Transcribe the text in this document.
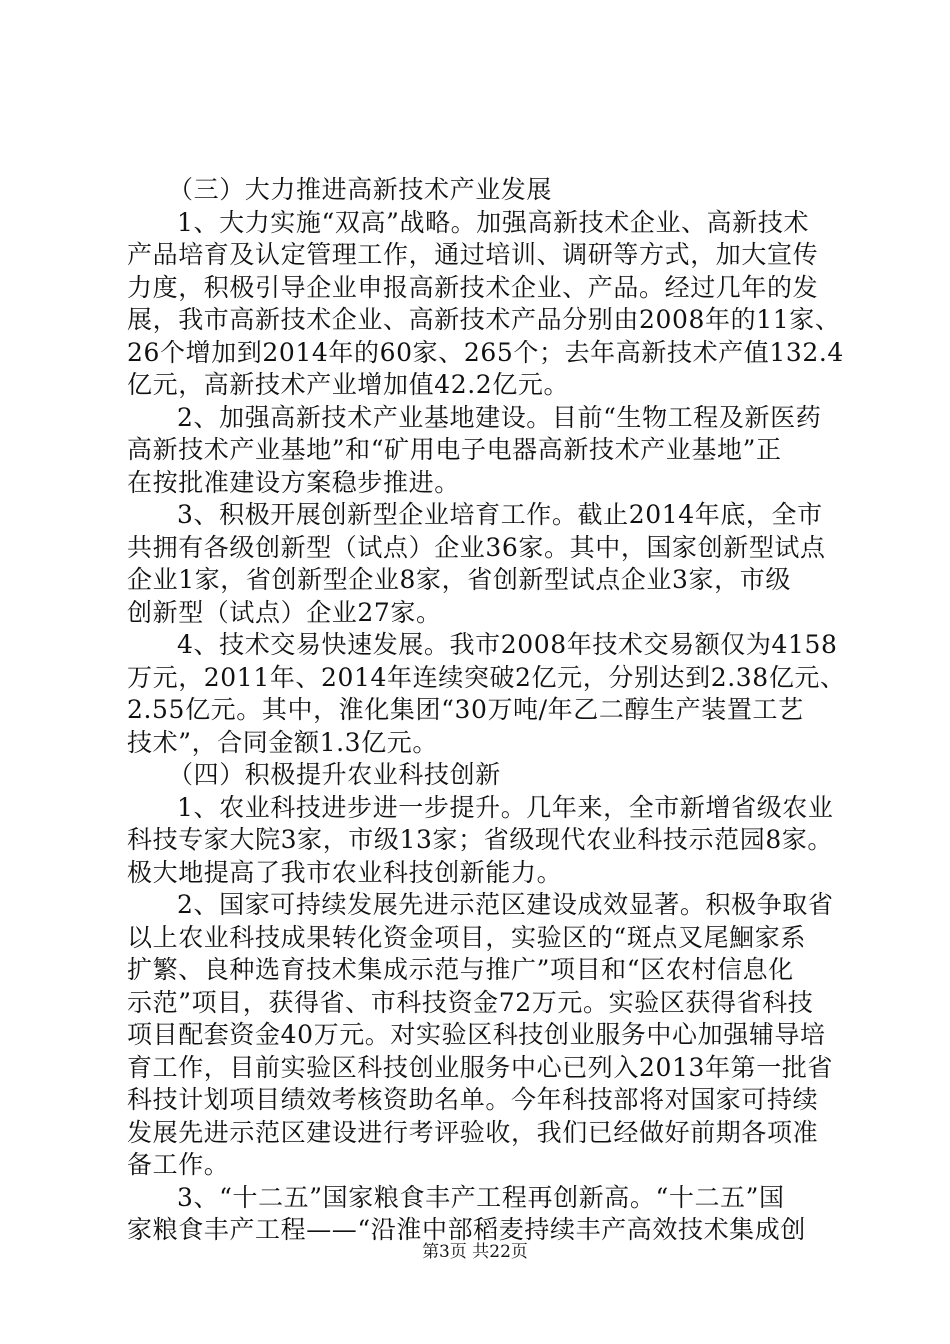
（三）大力推进高新技术产业发展
1、大力实施“双高”战略。加强高新技术企业、高新技术
产品培育及认定管理工作，通过培训、调研等方式，加大宣传
力度，积极引导企业申报高新技术企业、产品。经过几年的发
展，我市高新技术企业、高新技术产品分别由2008年的11家、
26个增加到2014年的60家、265个；去年高新技术产值132.4
亿元，高新技术产业增加值42.2亿元。
2、加强高新技术产业基地建设。目前“生物工程及新医药
高新技术产业基地”和“矿用电子电器高新技术产业基地”正
在按批准建设方案稳步推进。
3、积极开展创新型企业培育工作。截止2014年底，全市
共拥有各级创新型（试点）企业36家。其中，国家创新型试点
企业1家，省创新型企业8家，省创新型试点企业3家，市级
创新型（试点）企业27家。
4、技术交易快速发展。我市2008年技术交易额仅为4158
万元，2011年、2014年连续突破2亿元，分别达到2.38亿元、
2.55亿元。其中，淮化集团“30万吨/年乙二醇生产装置工艺
技术”，合同金额1.3亿元。
（四）积极提升农业科技创新
1、农业科技进步进一步提升。几年来，全市新增省级农业
科技专家大院3家，市级13家；省级现代农业科技示范园8家。
极大地提高了我市农业科技创新能力。
2、国家可持续发展先进示范区建设成效显著。积极争取省
以上农业科技成果转化资金项目，实验区的“斑点叉尾鮰家系
扩繁、良种选育技术集成示范与推广”项目和“区农村信息化
示范”项目，获得省、市科技资金72万元。实验区获得省科技
项目配套资金40万元。对实验区科技创业服务中心加强辅导培
育工作，目前实验区科技创业服务中心已列入2013年第一批省
科技计划项目绩效考核资助名单。今年科技部将对国家可持续
发展先进示范区建设进行考评验收，我们已经做好前期各项准
备工作。
3、“十二五”国家粮食丰产工程再创新高。“十二五”国
家粮食丰产工程——“沿淮中部稻麦持续丰产高效技术集成创
第3页 共22页
